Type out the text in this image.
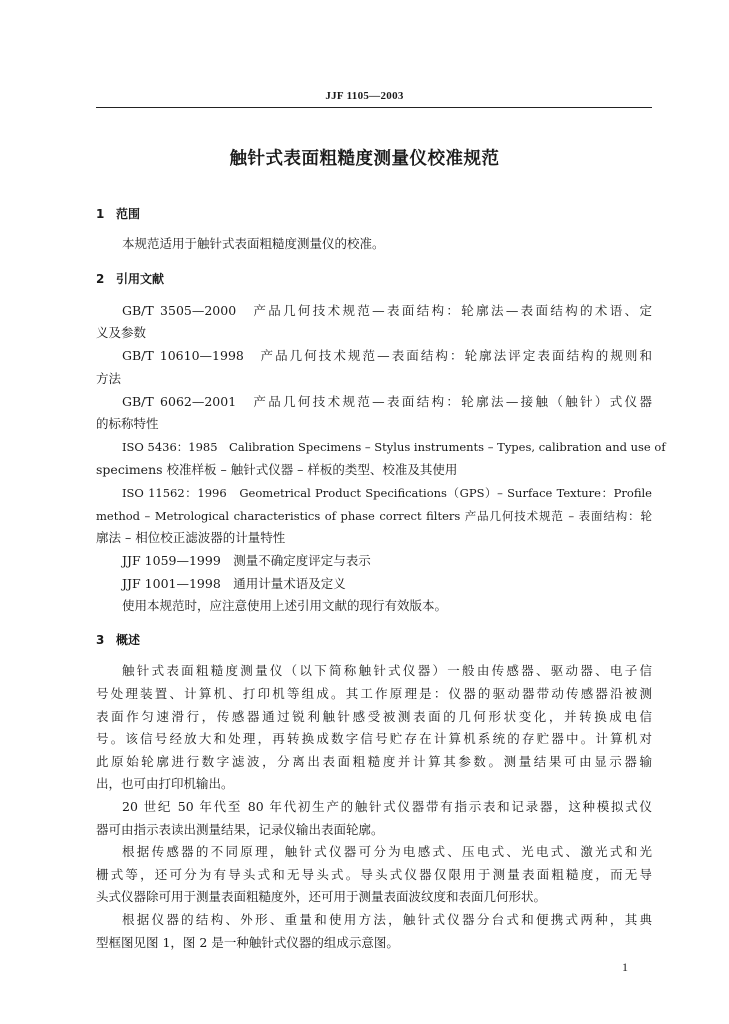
JJF 1105—2003
触针式表面粗糙度测量仪校准规范
1 范围
本规范适用于触针式表面粗糙度测量仪的校准。
2 引用文献
GB/T 3505—2000　产品几何技术规范—表面结构：轮廓法—表面结构的术语、定
义及参数
GB/T 10610—1998　产品几何技术规范—表面结构：轮廓法评定表面结构的规则和
方法
GB/T 6062—2001　产品几何技术规范—表面结构：轮廓法—接触（触针）式仪器
的标称特性
ISO 5436：1985　Calibration Specimens – Stylus instruments – Types, calibration and use of
specimens 校准样板 – 触针式仪器 – 样板的类型、校准及其使用
ISO 11562：1996　Geometrical Product Specifications（GPS）– Surface Texture：Profile
method – Metrological characteristics of phase correct filters 产品几何技术规范 – 表面结构：轮
廓法 – 相位校正滤波器的计量特性
JJF 1059—1999　测量不确定度评定与表示
JJF 1001—1998　通用计量术语及定义
使用本规范时，应注意使用上述引用文献的现行有效版本。
3 概述
触针式表面粗糙度测量仪（以下简称触针式仪器）一般由传感器、驱动器、电子信
号处理装置、计算机、打印机等组成。其工作原理是：仪器的驱动器带动传感器沿被测
表面作匀速滑行，传感器通过锐利触针感受被测表面的几何形状变化，并转换成电信
号。该信号经放大和处理，再转换成数字信号贮存在计算机系统的存贮器中。计算机对
此原始轮廓进行数字滤波，分离出表面粗糙度并计算其参数。测量结果可由显示器输
出，也可由打印机输出。
20 世纪 50 年代至 80 年代初生产的触针式仪器带有指示表和记录器，这种模拟式仪
器可由指示表读出测量结果，记录仪输出表面轮廓。
根据传感器的不同原理，触针式仪器可分为电感式、压电式、光电式、激光式和光
栅式等，还可分为有导头式和无导头式。导头式仪器仅限用于测量表面粗糙度，而无导
头式仪器除可用于测量表面粗糙度外，还可用于测量表面波纹度和表面几何形状。
根据仪器的结构、外形、重量和使用方法，触针式仪器分台式和便携式两种，其典
型框图见图 1，图 2 是一种触针式仪器的组成示意图。
1
